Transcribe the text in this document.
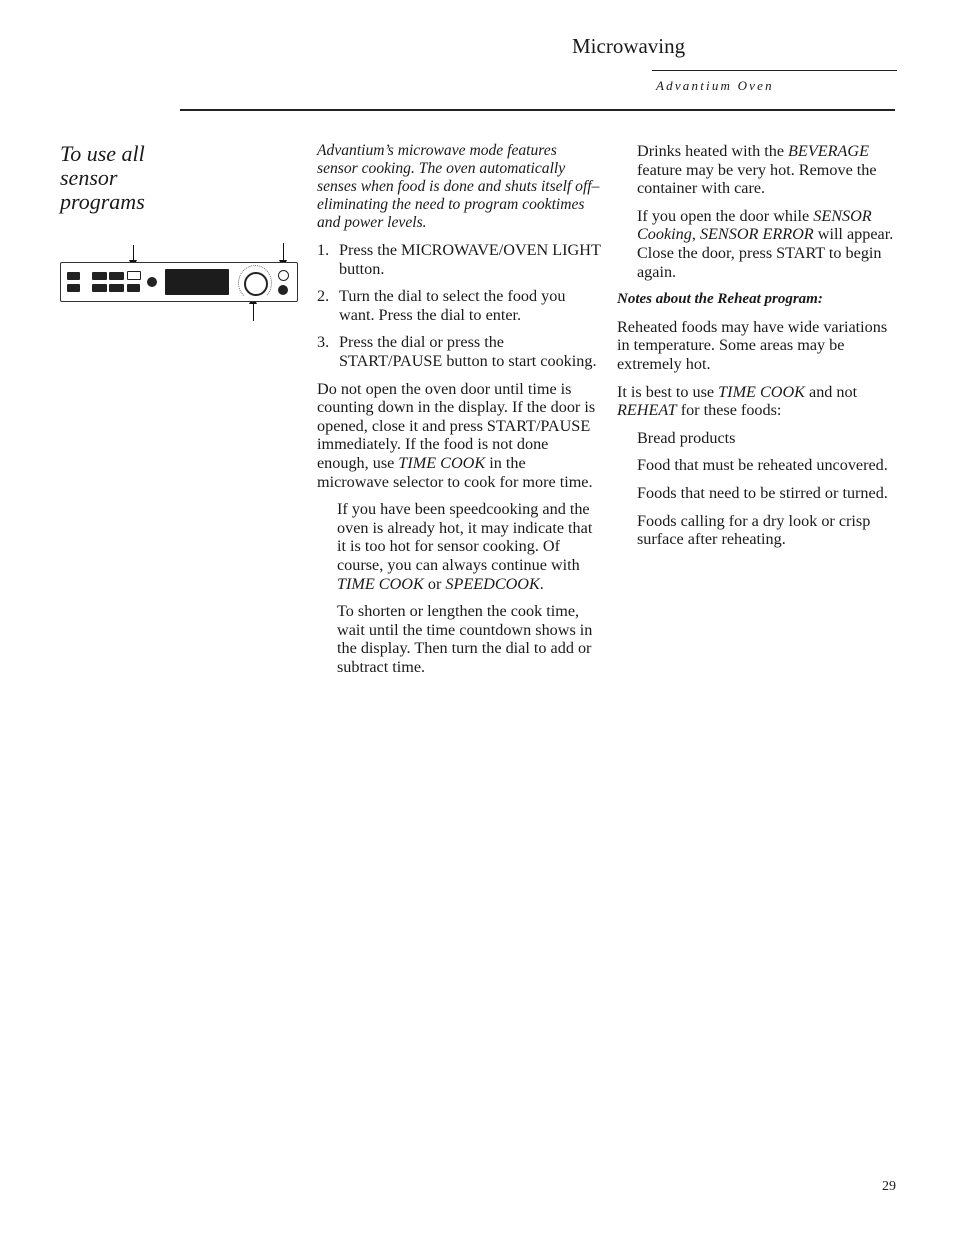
Microwaving
Advantium Oven
To use all sensor programs

Advantium’s microwave mode features sensor cooking. The oven automatically senses when food is done and shuts itself off–eliminating the need to program cooktimes and power levels.

1. Press the MICROWAVE/OVEN LIGHT button.
2. Turn the dial to select the food you want. Press the dial to enter.
3. Press the dial or press the START/PAUSE button to start cooking.

Do not open the oven door until time is counting down in the display. If the door is opened, close it and press START/PAUSE immediately. If the food is not done enough, use TIME COOK in the microwave selector to cook for more time.

If you have been speedcooking and the oven is already hot, it may indicate that it is too hot for sensor cooking. Of course, you can always continue with TIME COOK or SPEEDCOOK.

To shorten or lengthen the cook time, wait until the time countdown shows in the display. Then turn the dial to add or subtract time.

Drinks heated with the BEVERAGE feature may be very hot. Remove the container with care.

If you open the door while SENSOR Cooking, SENSOR ERROR will appear. Close the door, press START to begin again.

Notes about the Reheat program:

Reheated foods may have wide variations in temperature. Some areas may be extremely hot.

It is best to use TIME COOK and not REHEAT for these foods:

Bread products

Food that must be reheated uncovered.

Foods that need to be stirred or turned.

Foods calling for a dry look or crisp surface after reheating.

29
